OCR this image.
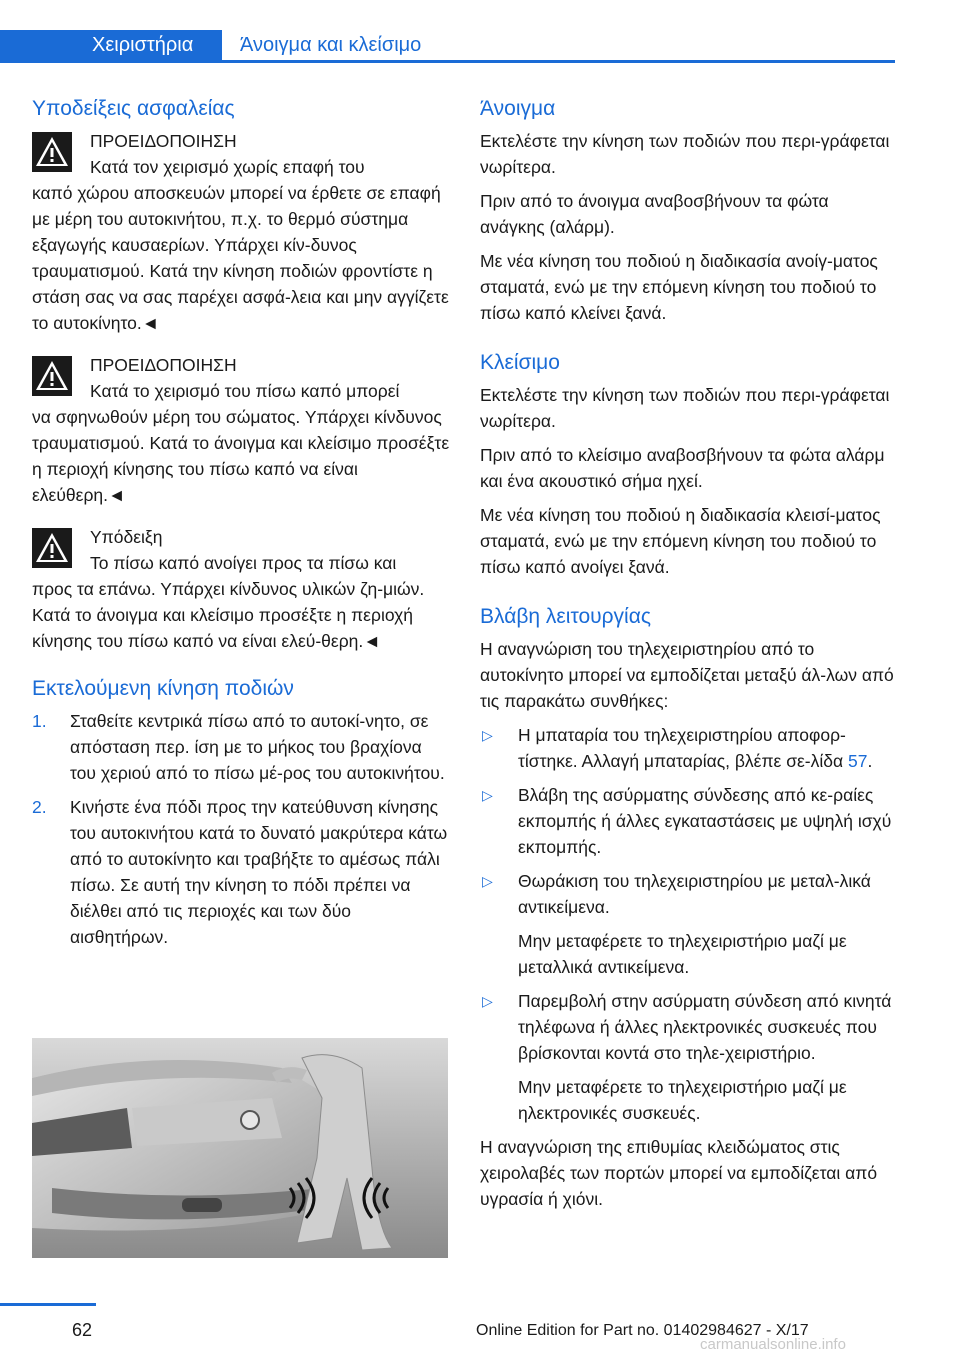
Χειριστήρια Άνοιγμα και κλείσιμο
Υποδείξεις ασφαλείας
ΠΡΟΕΙΔΟΠΟΙΗΣΗ
Κατά τον χειρισμό χωρίς επαφή του
καπό χώρου αποσκευών μπορεί να έρθετε σε επαφή με μέρη του αυτοκινήτου, π.χ. το θερμό σύστημα εξαγωγής καυσαερίων. Υπάρχει κίν-δυνος τραυματισμού. Κατά την κίνηση ποδιών φροντίστε η στάση σας να σας παρέχει ασφά-λεια και μην αγγίζετε το αυτοκίνητο.◄
ΠΡΟΕΙΔΟΠΟΙΗΣΗ
Κατά το χειρισμό του πίσω καπό μπορεί
να σφηνωθούν μέρη του σώματος. Υπάρχει κίνδυνος τραυματισμού. Κατά το άνοιγμα και κλείσιμο προσέξτε η περιοχή κίνησης του πίσω καπό να είναι ελεύθερη.◄
Υπόδειξη
Το πίσω καπό ανοίγει προς τα πίσω και
προς τα επάνω. Υπάρχει κίνδυνος υλικών ζη-μιών. Κατά το άνοιγμα και κλείσιμο προσέξτε η περιοχή κίνησης του πίσω καπό να είναι ελεύ-θερη.◄
Εκτελούμενη κίνηση ποδιών
1. Σταθείτε κεντρικά πίσω από το αυτοκί-νητο, σε απόσταση περ. ίση με το μήκος του βραχίονα του χεριού από το πίσω μέ-ρος του αυτοκινήτου.
2. Κινήστε ένα πόδι προς την κατεύθυνση κίνησης του αυτοκινήτου κατά το δυνατό μακρύτερα κάτω από το αυτοκίνητο και τραβήξτε το αμέσως πάλι πίσω. Σε αυτή την κίνηση το πόδι πρέπει να διέλθει από τις περιοχές και των δύο αισθητήρων.
Άνοιγμα

Εκτελέστε την κίνηση των ποδιών που περι-γράφεται νωρίτερα.

Πριν από το άνοιγμα αναβοσβήνουν τα φώτα ανάγκης (αλάρμ).

Με νέα κίνηση του ποδιού η διαδικασία ανοίγ-ματος σταματά, ενώ με την επόμενη κίνηση του ποδιού το πίσω καπό κλείνει ξανά.

Κλείσιμο

Εκτελέστε την κίνηση των ποδιών που περι-γράφεται νωρίτερα.

Πριν από το κλείσιμο αναβοσβήνουν τα φώτα αλάρμ και ένα ακουστικό σήμα ηχεί.

Με νέα κίνηση του ποδιού η διαδικασία κλεισί-ματος σταματά, ενώ με την επόμενη κίνηση του ποδιού το πίσω καπό ανοίγει ξανά.

Βλάβη λειτουργίας

Η αναγνώριση του τηλεχειριστηρίου από το αυτοκίνητο μπορεί να εμποδίζεται μεταξύ άλ-λων από τις παρακάτω συνθήκες:

▷ Η μπαταρία του τηλεχειριστηρίου αποφορ-τίστηκε. Αλλαγή μπαταρίας, βλέπε σε-λίδα 57.
▷ Βλάβη της ασύρματης σύνδεσης από κε-ραίες εκπομπής ή άλλες εγκαταστάσεις με υψηλή ισχύ εκπομπής.
▷ Θωράκιση του τηλεχειριστηρίου με μεταλ-λικά αντικείμενα.
Μην μεταφέρετε το τηλεχειριστήριο μαζί με μεταλλικά αντικείμενα.
▷ Παρεμβολή στην ασύρματη σύνδεση από κινητά τηλέφωνα ή άλλες ηλεκτρονικές συσκευές που βρίσκονται κοντά στο τηλε-χειριστήριο.
Μην μεταφέρετε το τηλεχειριστήριο μαζί με ηλεκτρονικές συσκευές.

Η αναγνώριση της επιθυμίας κλειδώματος στις χειρολαβές των πορτών μπορεί να εμποδίζεται από υγρασία ή χιόνι.

62	Online Edition for Part no. 01402984627 - X/17
carmanualsonline.info
